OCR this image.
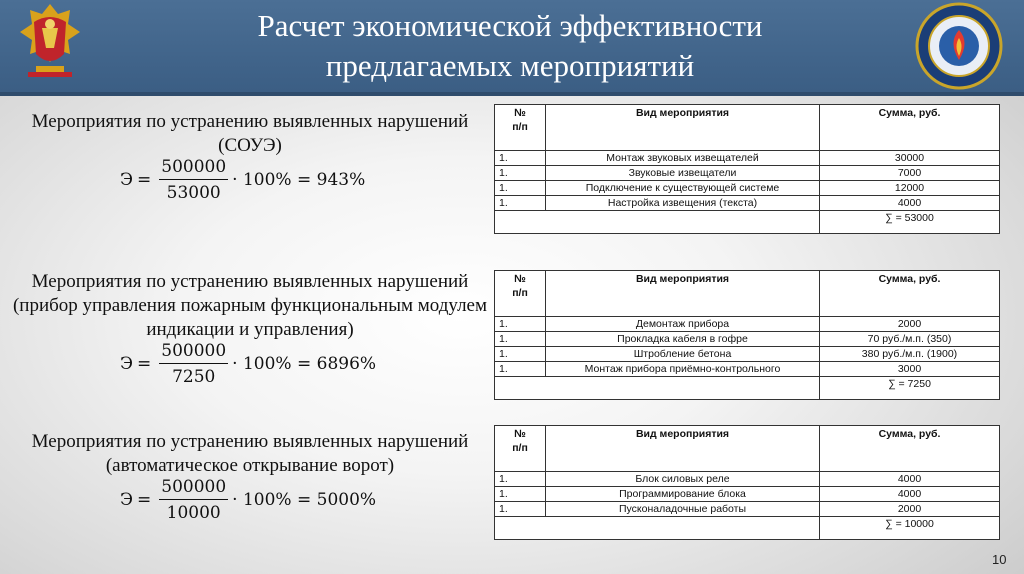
Расчет экономической эффективности
предлагаемых мероприятий
Мероприятия по устранению выявленных нарушений
(СОУЭ)
$Э = \frac{500000}{53000} \cdot 100\% = 943\%$
№
п/п	Вид мероприятия	Сумма, руб.
1.	Монтаж звуковых извещателей	30000
1.	Звуковые извещатели	7000
1.	Подключение к существующей системе	12000
1.	Настройка извещения (текста)	4000
		∑ = 53000
Мероприятия по устранению выявленных нарушений
(прибор управления пожарным функциональным модулем
индикации и управления)
$Э = \frac{500000}{7250} \cdot 100\% = 6896\%$
№
п/п	Вид мероприятия	Сумма, руб.
1.	Демонтаж прибора	2000
1.	Прокладка кабеля в гофре	70 руб./м.п. (350)
1.	Штробление бетона	380 руб./м.п. (1900)
1.	Монтаж прибора приёмно-контрольного	3000
		∑ = 7250
Мероприятия по устранению выявленных нарушений
(автоматическое открывание ворот)
$Э = \frac{500000}{10000} \cdot 100\% = 5000\%$
№
п/п	Вид мероприятия	Сумма, руб.
1.	Блок силовых реле	4000
1.	Программирование блока	4000
1.	Пусконаладочные работы	2000
		∑ = 10000
10
